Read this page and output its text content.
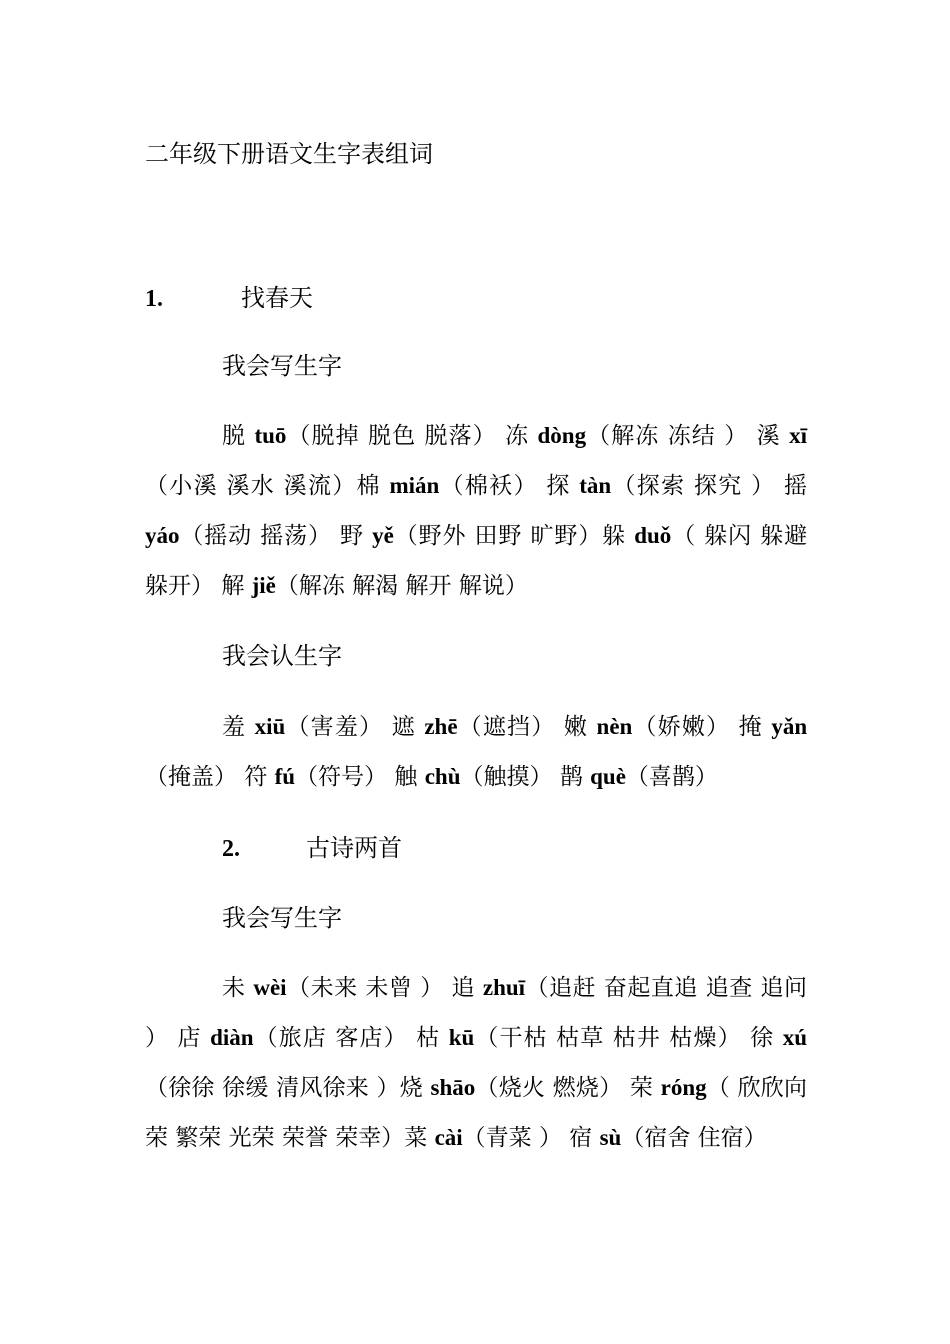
二年级下册语文生字表组词
1.	找春天
我会写生字
脱 tuō（脱掉 脱色 脱落） 冻 dòng（解冻 冻结 ） 溪 xī（小溪 溪水 溪流）棉 mián（棉袄） 探 tàn（探索 探究 ） 摇 yáo（摇动 摇荡） 野 yě（野外 田野 旷野）躲 duǒ（ 躲闪 躲避 躲开） 解 jiě（解冻 解渴 解开 解说）
我会认生字
羞 xiū（害羞） 遮 zhē（遮挡） 嫩 nèn（娇嫩） 掩 yǎn（掩盖） 符 fú（符号） 触 chù（触摸） 鹊 què（喜鹊）
2.	古诗两首
我会写生字
未 wèi（未来 未曾 ） 追 zhuī（追赶 奋起直追 追查 追问 ） 店 diàn（旅店 客店） 枯 kū（干枯 枯草 枯井 枯燥） 徐 xú（徐徐 徐缓 清风徐来 ）烧 shāo（烧火 燃烧） 荣 róng（ 欣欣向荣 繁荣 光荣 荣誉 荣幸）菜 cài（青菜 ） 宿 sù（宿舍 住宿）
